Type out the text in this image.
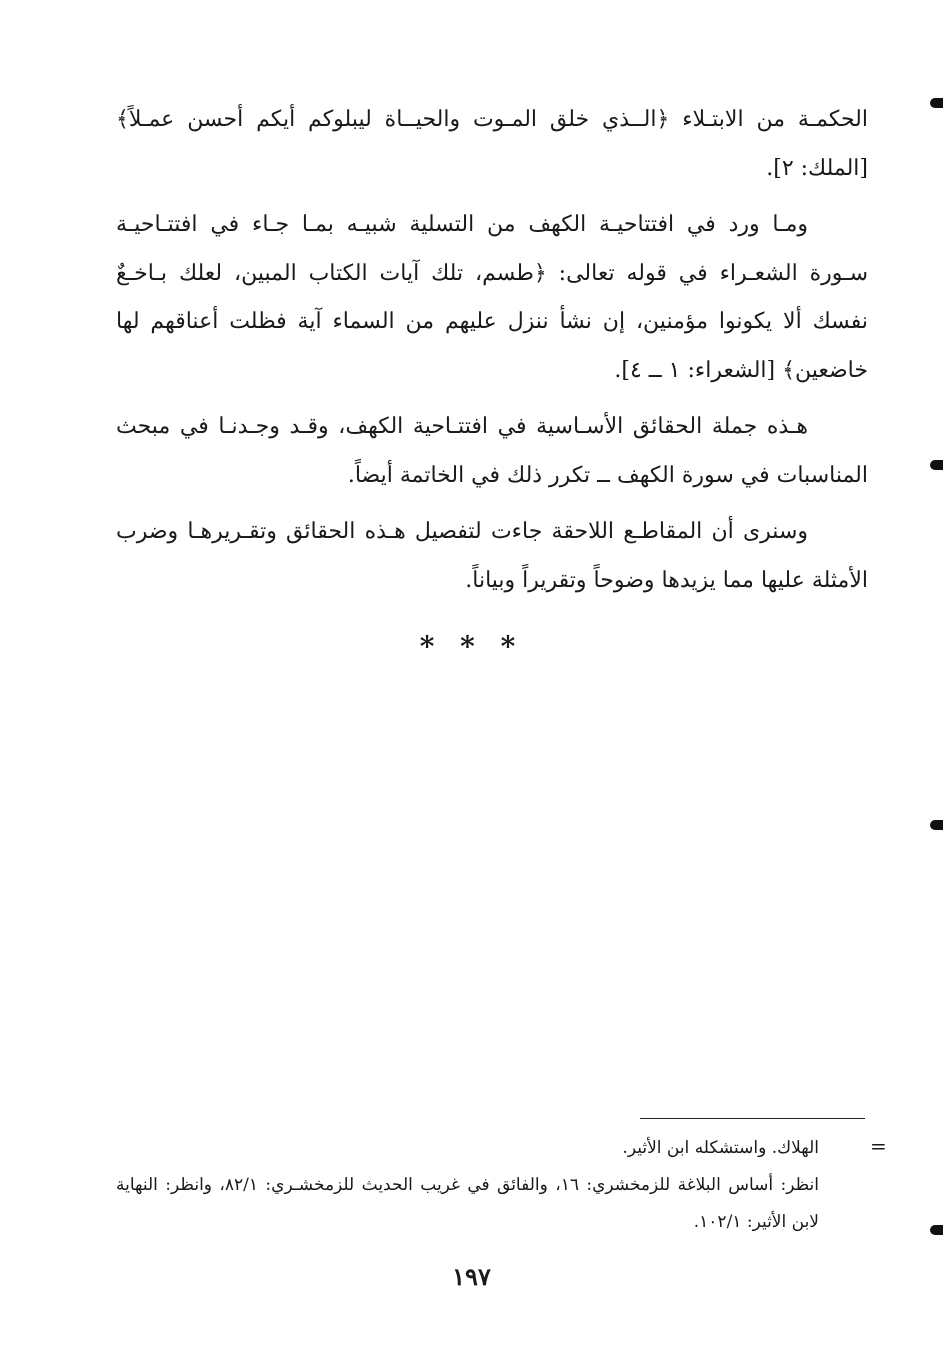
الحكمـة من الابتـلاء ﴿الــذي خلق المـوت والحيــاة ليبلوكم أيكم أحسن عمـلاً﴾ [الملك: ٢].

ومـا ورد في افتتاحيـة الكهف من التسلية شبيـه بمـا جـاء في افتتـاحيـة سـورة الشعـراء في قوله تعالى: ﴿طسم، تلك آيات الكتاب المبين، لعلك بـاخـعٌ نفسك ألا يكونوا مؤمنين، إن نشأ ننزل عليهم من السماء آية فظلت أعناقهم لها خاضعين﴾ [الشعراء: ١ ــ ٤].

هـذه جملة الحقائق الأسـاسية في افتتـاحية الكهف، وقـد وجـدنـا في مبحث المناسبات في سورة الكهف ــ تكرر ذلك في الخاتمة أيضاً.

وسنرى أن المقاطـع اللاحقة جاءت لتفصيل هـذه الحقائق وتقـريرهـا وضرب الأمثلة عليها مما يزيدها وضوحاً وتقريراً وبياناً.

* * *
=

الهلاك. واستشكله ابن الأثير.

انظر: أساس البلاغة للزمخشري: ١٦، والفائق في غريب الحديث للزمخشـري: ٨٢/١، وانظر: النهاية لابن الأثير: ١٠٢/١.

١٩٧
